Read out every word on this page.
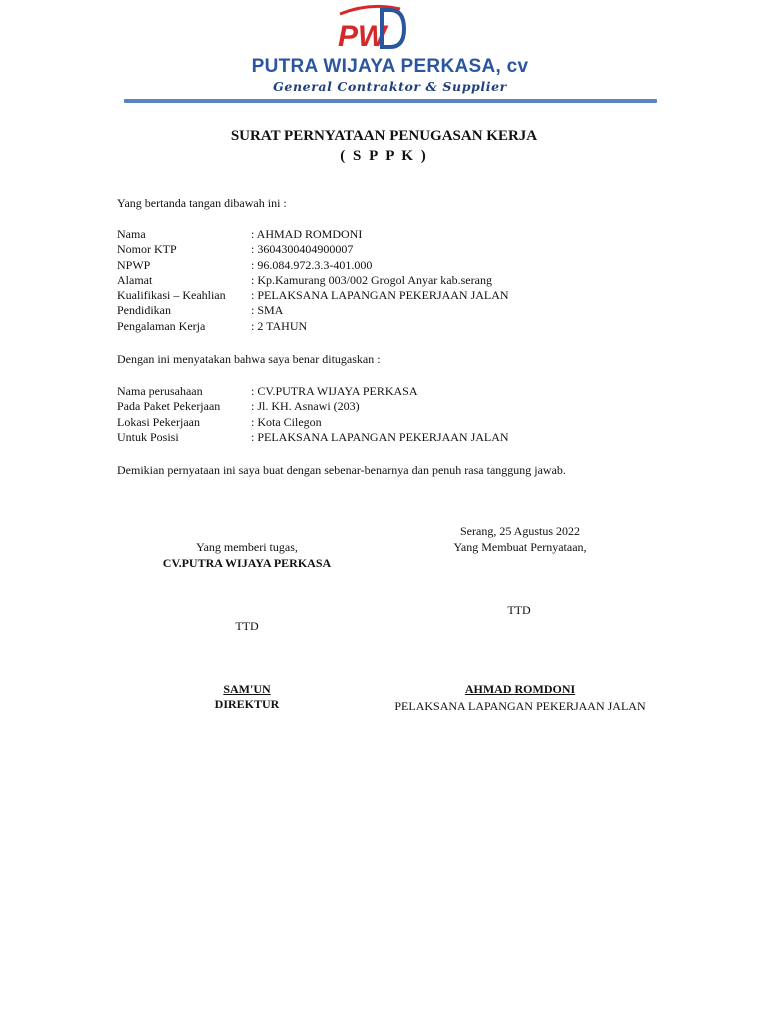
PW
PUTRA WIJAYA PERKASA, cv
General Contraktor & Supplier
SURAT PERNYATAAN PENUGASAN KERJA
( S P P K )
Yang bertanda tangan dibawah ini :
Nama	: AHMAD ROMDONI
Nomor KTP	: 3604300404900007
NPWP	: 96.084.972.3.3-401.000
Alamat	: Kp.Kamurang 003/002 Grogol Anyar kab.serang
Kualifikasi – Keahlian	: PELAKSANA LAPANGAN PEKERJAAN JALAN
Pendidikan	: SMA
Pengalaman Kerja	: 2 TAHUN
Dengan ini menyatakan bahwa saya benar ditugaskan :
Nama perusahaan	: CV.PUTRA WIJAYA PERKASA
Pada Paket Pekerjaan	: Jl. KH. Asnawi (203)
Lokasi Pekerjaan	: Kota Cilegon
Untuk Posisi	: PELAKSANA LAPANGAN PEKERJAAN JALAN
Demikian pernyataan ini saya buat dengan sebenar-benarnya dan penuh rasa tanggung jawab.
Serang, 25 Agustus 2022
Yang memberi tugas,
CV.PUTRA WIJAYA PERKASA
Yang Membuat Pernyataan,
TTD
TTD
SAM'UN
DIREKTUR
AHMAD ROMDONI
PELAKSANA LAPANGAN PEKERJAAN JALAN
